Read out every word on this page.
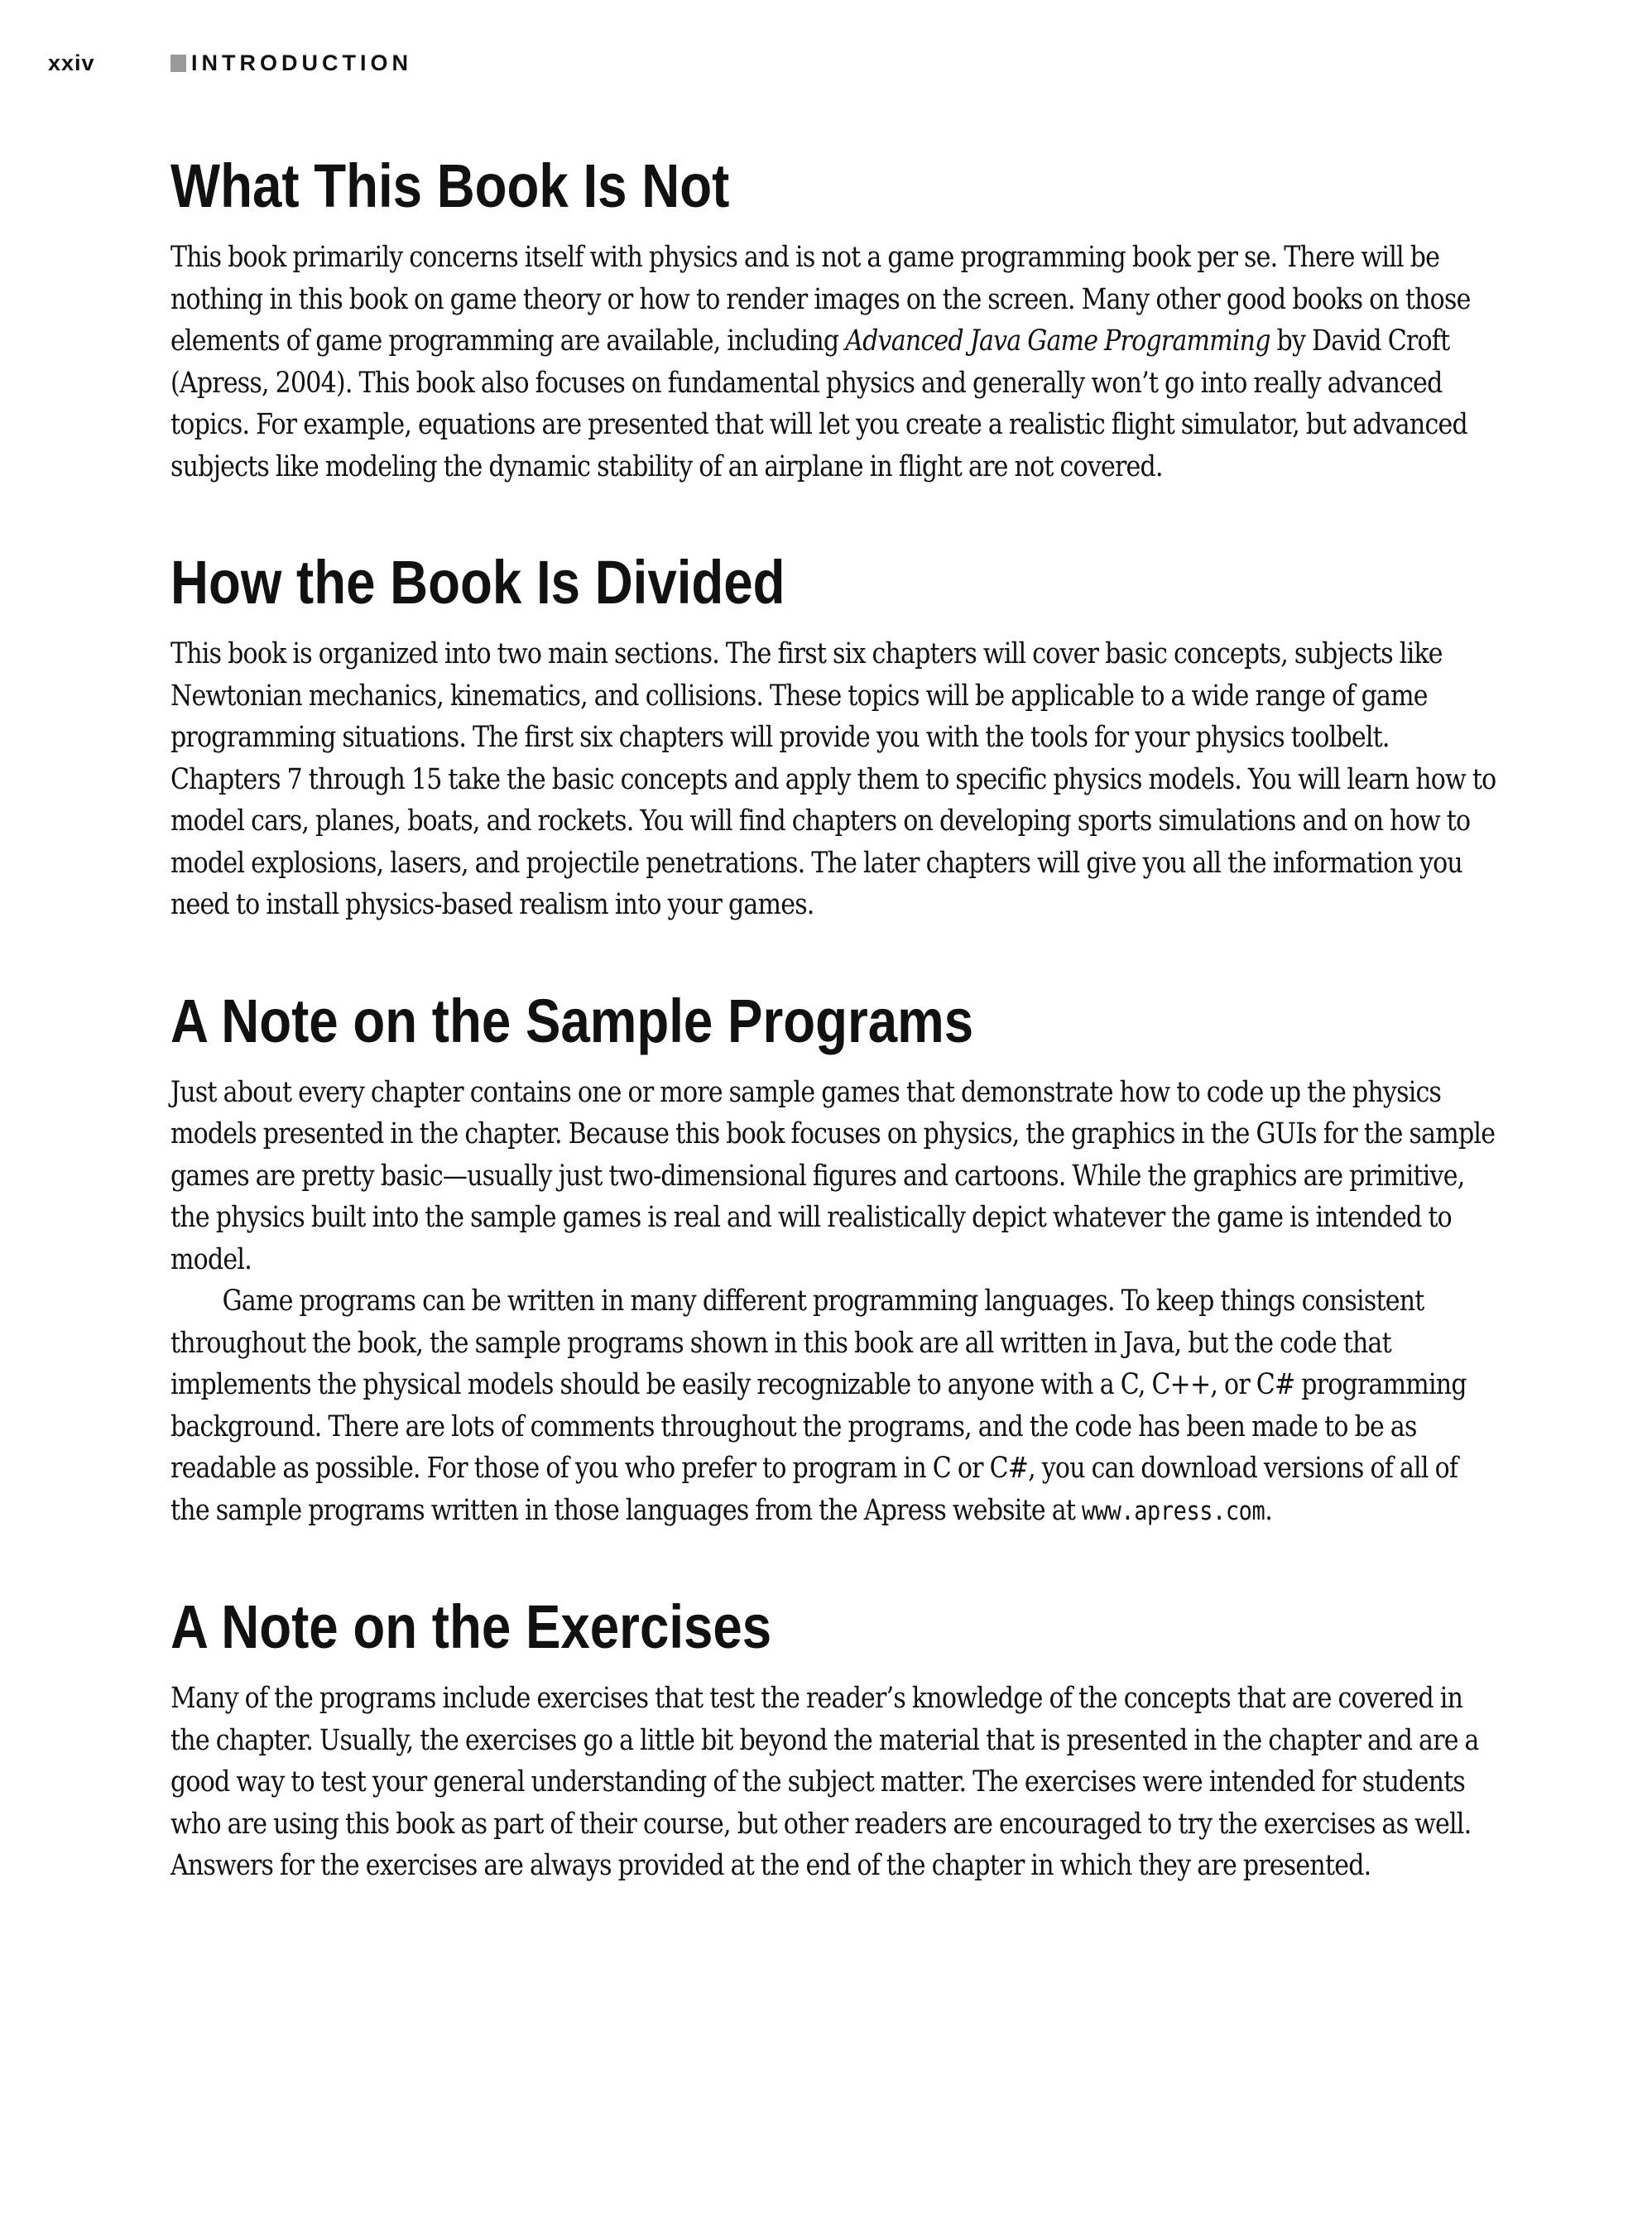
xxiv	INTRODUCTION
What This Book Is Not

This book primarily concerns itself with physics and is not a game programming book per se. There will be nothing in this book on game theory or how to render images on the screen. Many other good books on those elements of game programming are available, including Advanced Java Game Programming by David Croft (Apress, 2004). This book also focuses on fundamental physics and generally won’t go into really advanced topics. For example, equations are presented that will let you create a realistic flight simulator, but advanced subjects like modeling the dynamic stability of an airplane in flight are not covered.

How the Book Is Divided

This book is organized into two main sections. The first six chapters will cover basic concepts, subjects like Newtonian mechanics, kinematics, and collisions. These topics will be applicable to a wide range of game programming situations. The first six chapters will provide you with the tools for your physics toolbelt. Chapters 7 through 15 take the basic concepts and apply them to specific physics models. You will learn how to model cars, planes, boats, and rockets. You will find chapters on developing sports simulations and on how to model explosions, lasers, and projectile penetrations. The later chapters will give you all the information you need to install physics-based realism into your games.

A Note on the Sample Programs

Just about every chapter contains one or more sample games that demonstrate how to code up the physics models presented in the chapter. Because this book focuses on physics, the graphics in the GUIs for the sample games are pretty basic—usually just two-dimensional figures and cartoons. While the graphics are primitive, the physics built into the sample games is real and will realistically depict whatever the game is intended to model.

Game programs can be written in many different programming languages. To keep things consistent throughout the book, the sample programs shown in this book are all written in Java, but the code that implements the physical models should be easily recognizable to anyone with a C, C++, or C# programming background. There are lots of comments throughout the programs, and the code has been made to be as readable as possible. For those of you who prefer to program in C or C#, you can download versions of all of the sample programs written in those languages from the Apress website at www.apress.com.

A Note on the Exercises

Many of the programs include exercises that test the reader’s knowledge of the concepts that are covered in the chapter. Usually, the exercises go a little bit beyond the material that is presented in the chapter and are a good way to test your general understanding of the subject matter. The exercises were intended for students who are using this book as part of their course, but other readers are encouraged to try the exercises as well. Answers for the exercises are always provided at the end of the chapter in which they are presented.
